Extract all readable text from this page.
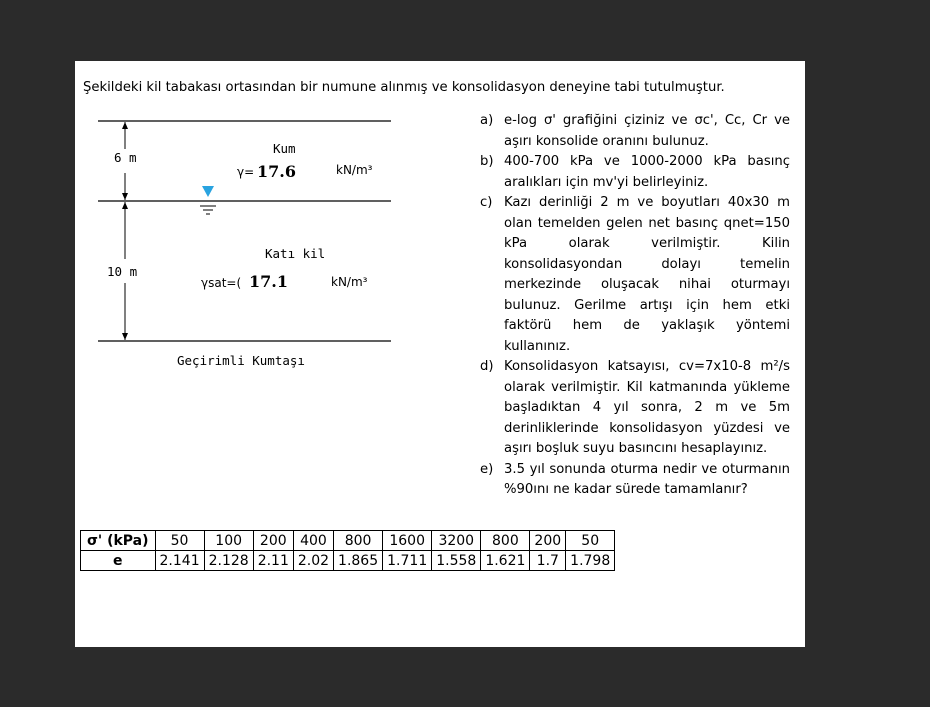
Şekildeki kil tabakası ortasından bir numune alınmış ve konsolidasyon deneyine tabi tutulmuştur.
6 m
Kum
γ= 17.6	kN/m³
10 m
Katı kil
γsat=( 17.1	kN/m³
Geçirimli Kumtaşı
a) e-log σ' grafiğini çiziniz ve σc', Cc, Cr ve aşırı konsolide oranını bulunuz.
b) 400-700 kPa ve 1000-2000 kPa basınç aralıkları için mv'yi belirleyiniz.
c) Kazı derinliği 2 m ve boyutları 40x30 m olan temelden gelen net basınç qnet=150 kPa olarak verilmiştir. Kilin konsolidasyondan dolayı temelin merkezinde oluşacak nihai oturmayı bulunuz. Gerilme artışı için hem etki faktörü hem de yaklaşık yöntemi kullanınız.
d) Konsolidasyon katsayısı, cv=7x10-8 m²/s olarak verilmiştir. Kil katmanında yükleme başladıktan 4 yıl sonra, 2 m ve 5m derinliklerinde konsolidasyon yüzdesi ve aşırı boşluk suyu basıncını hesaplayınız.
e) 3.5 yıl sonunda oturma nedir ve oturmanın %90ını ne kadar sürede tamamlanır?
σ' (kPa)	50	100	200	400	800	1600	3200	800	200	50
e	2.141	2.128	2.11	2.02	1.865	1.711	1.558	1.621	1.7	1.798
